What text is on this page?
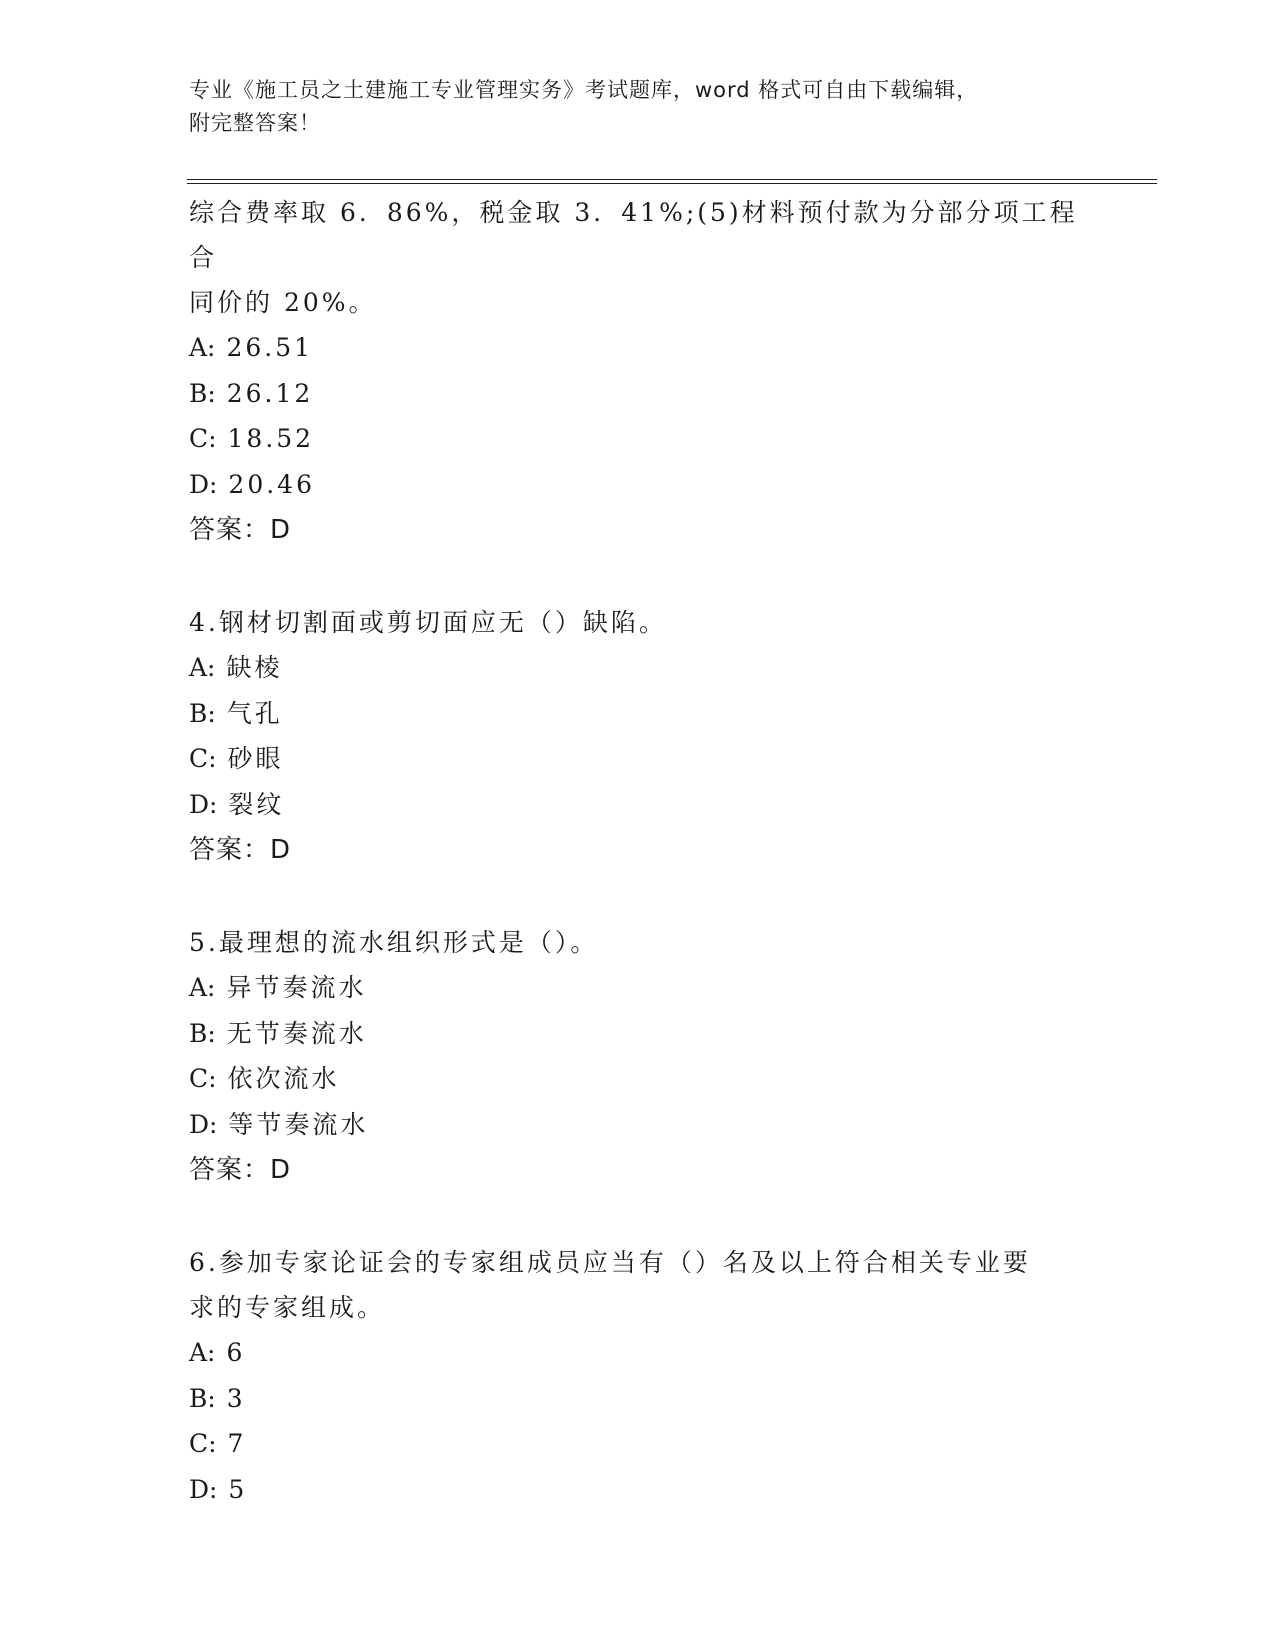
专业《施工员之土建施工专业管理实务》考试题库，word 格式可自由下载编辑，
附完整答案！

综合费率取 6．86%，税金取 3．41%;(5)材料预付款为分部分项工程合

同价的 20%。

A: 26.51

B: 26.12

C: 18.52

D: 20.46

答案：D

4.钢材切割面或剪切面应无（）缺陷。

A: 缺棱

B: 气孔

C: 砂眼

D: 裂纹

答案：D

5.最理想的流水组织形式是（）。

A: 异节奏流水

B: 无节奏流水

C: 依次流水

D: 等节奏流水

答案：D

6.参加专家论证会的专家组成员应当有（）名及以上符合相关专业要

求的专家组成。

A: 6

B: 3

C: 7

D: 5
